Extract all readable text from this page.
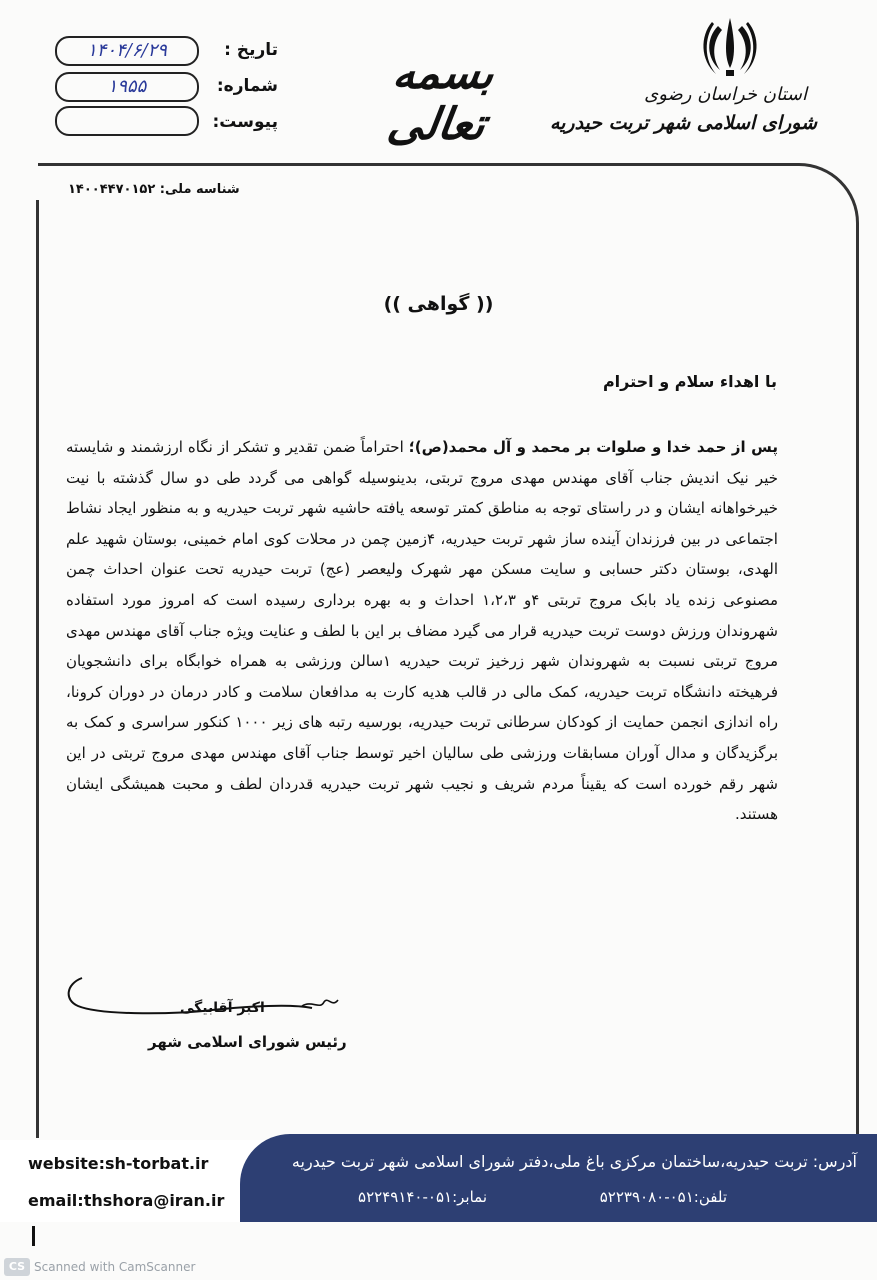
استان خراسان رضوی
شورای اسلامی شهر تربت حیدریه
بسمه تعالی
تاریخ :
۱۴۰۴/۶/۲۹
شماره:
۱۹۵۵
پیوست:
شناسه ملی: ۱۴۰۰۴۴۷۰۱۵۲
(( گواهی ))
با اهداء سلام و احترام
پس از حمد خدا و صلوات بر محمد و آل محمد(ص)؛ احتراماً ضمن تقدیر و تشکر از نگاه ارزشمند و شایسته خیر نیک اندیش جناب آقای مهندس مهدی مروج تربتی، بدینوسیله گواهی می گردد طی دو سال گذشته با نیت خیرخواهانه ایشان و در راستای توجه به مناطق کمتر توسعه یافته حاشیه شهر تربت حیدریه و به منظور ایجاد نشاط اجتماعی در بین فرزندان آینده ساز شهر تربت حیدریه، ۴زمین چمن در محلات کوی امام خمینی، بوستان شهید علم الهدی، بوستان دکتر حسابی و سایت مسکن مهر شهرک ولیعصر (عج) تربت حیدریه تحت عنوان احداث چمن مصنوعی زنده یاد بابک مروج تربتی ۴و ۱،۲،۳ احداث و به بهره برداری رسیده است که امروز مورد استفاده شهروندان ورزش دوست تربت حیدریه قرار می گیرد مضاف بر این با لطف و عنایت ویژه جناب آقای مهندس مهدی مروج تربتی نسبت به شهروندان شهر زرخیز تربت حیدریه ۱سالن ورزشی به همراه خوابگاه برای دانشجویان فرهیخته دانشگاه تربت حیدریه، کمک مالی در قالب هدیه کارت به مدافعان سلامت و کادر درمان در دوران کرونا، راه اندازی انجمن حمایت از کودکان سرطانی تربت حیدریه، بورسیه رتبه های زیر ۱۰۰۰ کنکور سراسری و کمک به برگزیدگان و مدال آوران مسابقات ورزشی طی سالیان اخیر توسط جناب آقای مهندس مهدی مروج تربتی در این شهر رقم خورده است که یقیناً مردم شریف و نجیب شهر تربت حیدریه قدردان لطف و محبت همیشگی ایشان هستند.
اکبر آقابیگی
رئیس شورای اسلامی شهر
آدرس: تربت حیدریه،ساختمان مرکزی باغ ملی،دفتر شورای اسلامی شهر تربت حیدریه
تلفن:۰۵۱-۵۲۲۳۹۰۸۰
نمابر:۰۵۱-۵۲۲۴۹۱۴۰
website:sh-torbat.ir
email:thshora@iran.ir
CS Scanned with CamScanner
